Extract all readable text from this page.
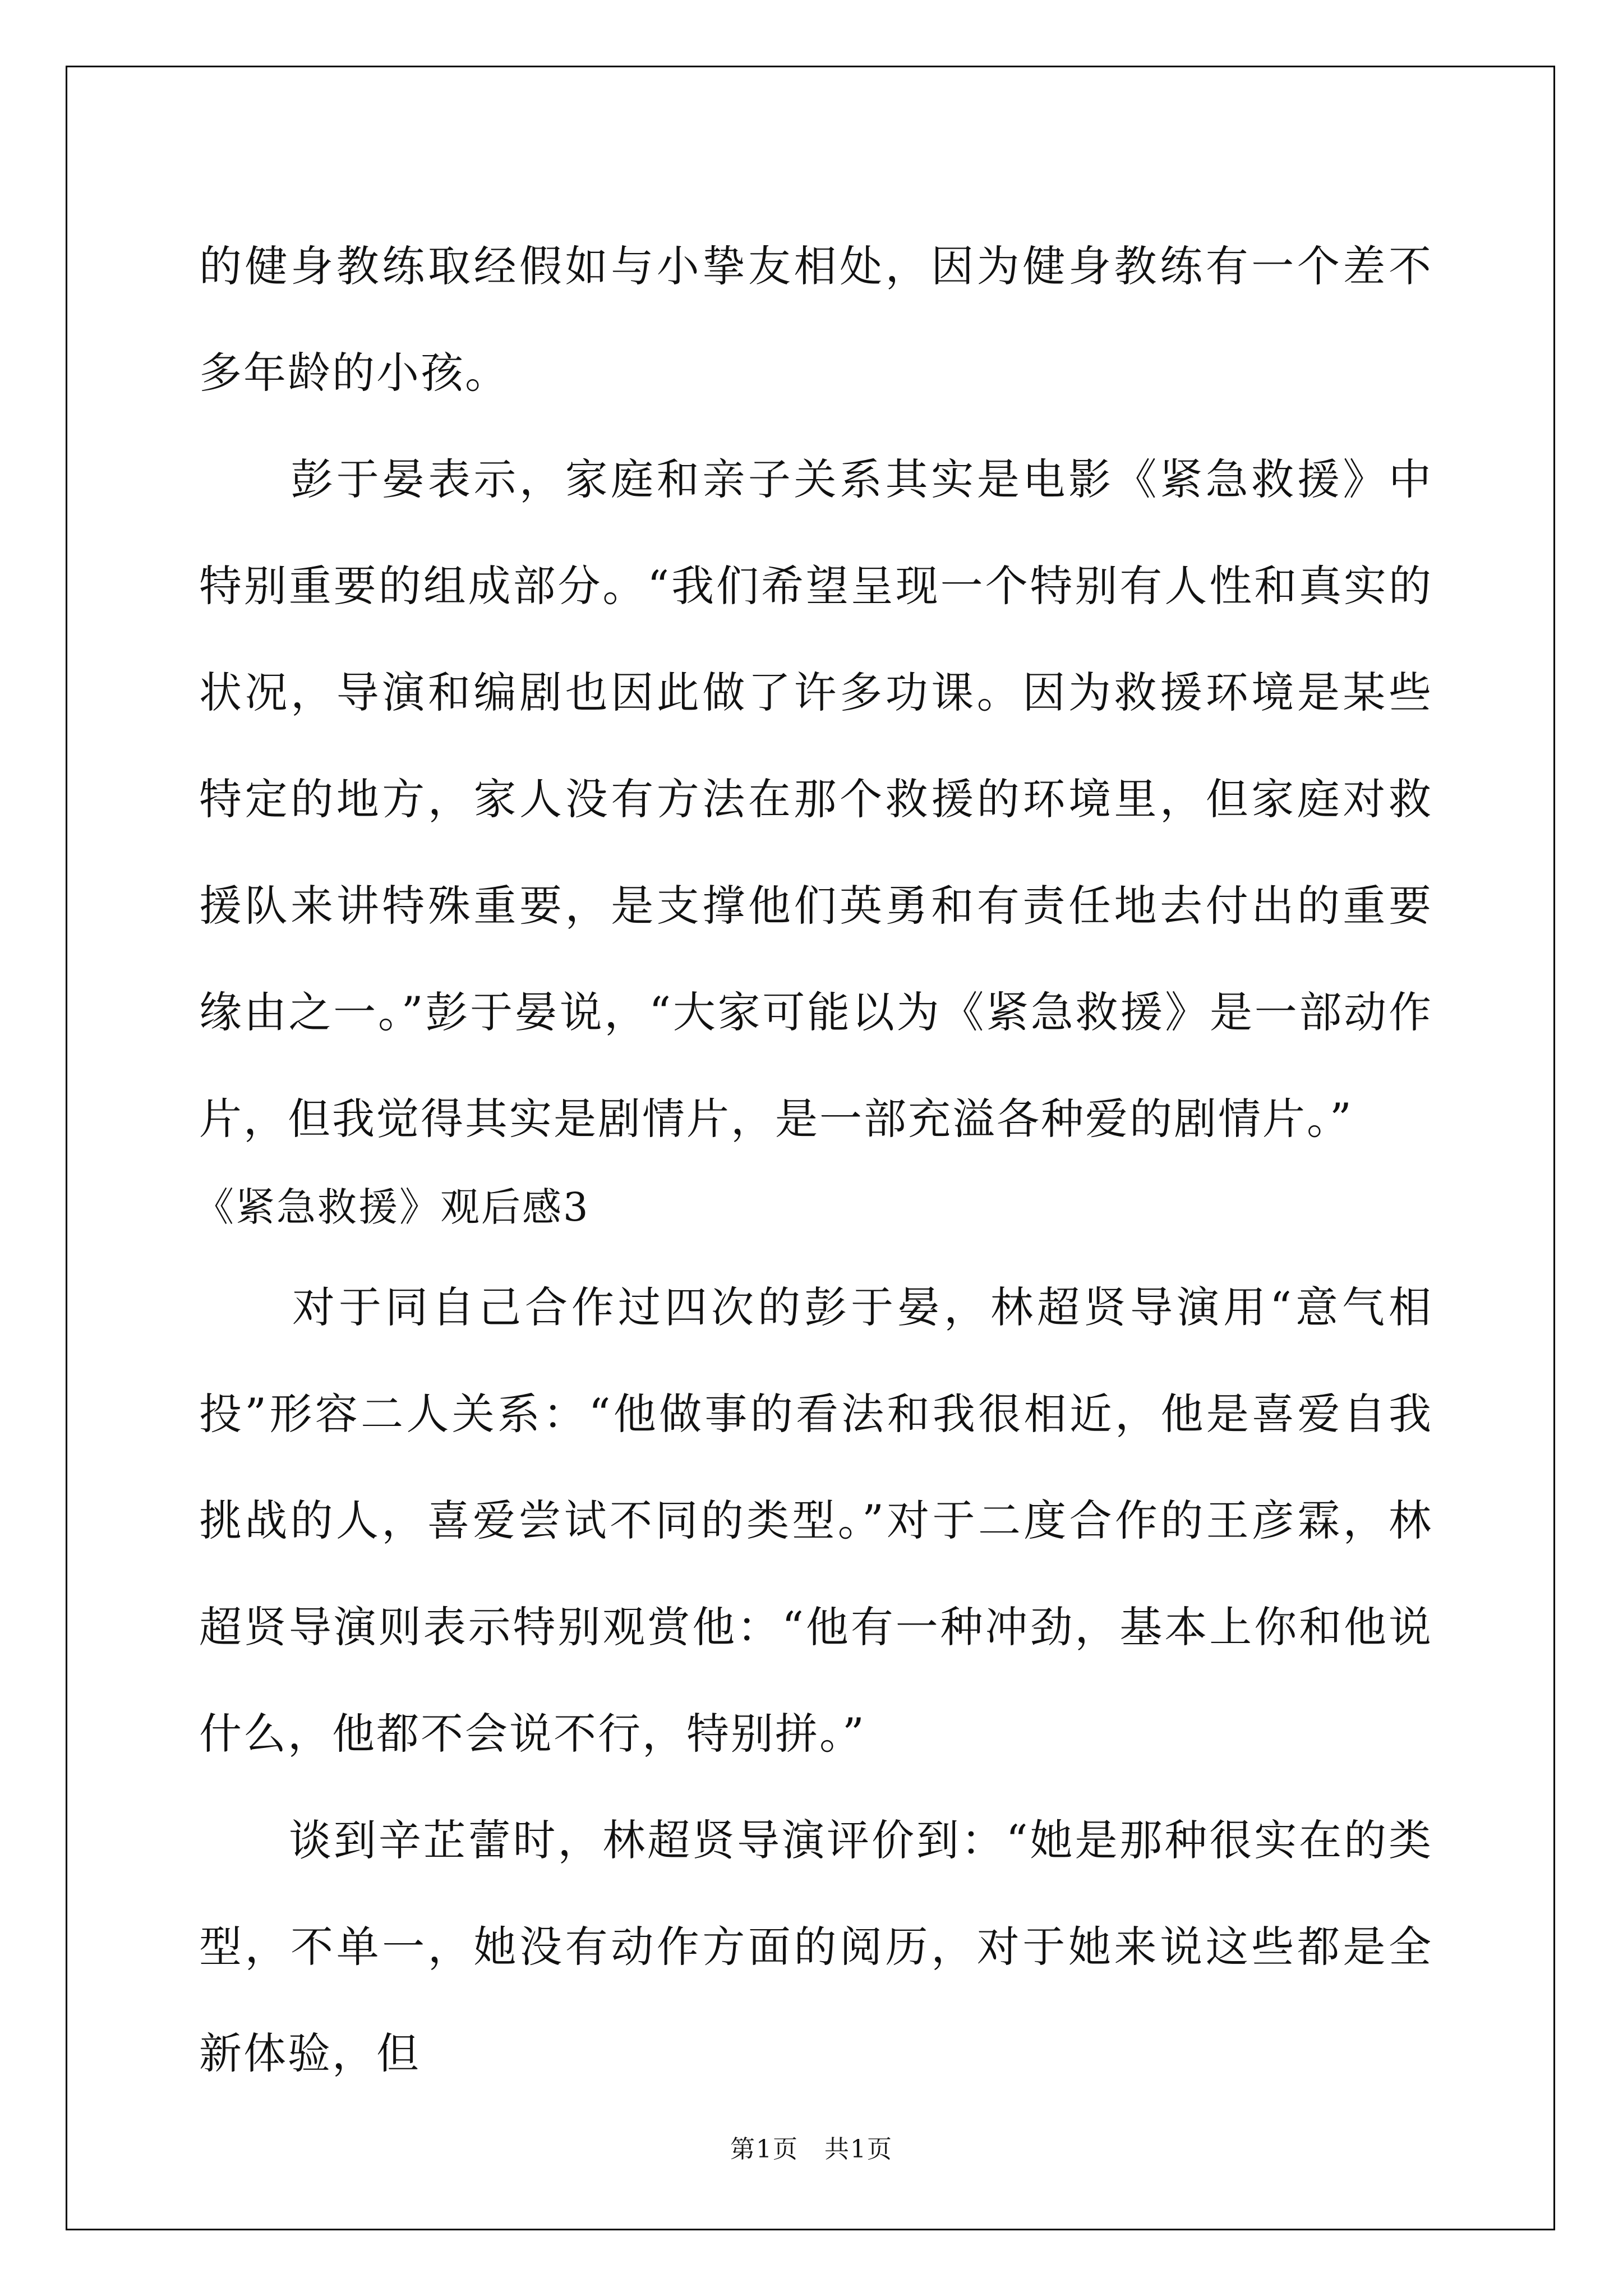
的健身教练取经假如与小挚友相处，因为健身教练有一个差不多年龄的小孩。

　　彭于晏表示，家庭和亲子关系其实是电影《紧急救援》中特别重要的组成部分。“我们希望呈现一个特别有人性和真实的状况，导演和编剧也因此做了许多功课。因为救援环境是某些特定的地方，家人没有方法在那个救援的环境里，但家庭对救援队来讲特殊重要，是支撑他们英勇和有责任地去付出的重要缘由之一。”彭于晏说，“大家可能以为《紧急救援》是一部动作片，但我觉得其实是剧情片，是一部充溢各种爱的剧情片。”

《紧急救援》观后感3

　　对于同自己合作过四次的彭于晏，林超贤导演用“意气相投”形容二人关系：“他做事的看法和我很相近，他是喜爱自我挑战的人，喜爱尝试不同的类型。”对于二度合作的王彦霖，林超贤导演则表示特别观赏他：“他有一种冲劲，基本上你和他说什么，他都不会说不行，特别拼。”

　　谈到辛芷蕾时，林超贤导演评价到：“她是那种很实在的类型，不单一，她没有动作方面的阅历，对于她来说这些都是全新体验，但

第1页　共1页
